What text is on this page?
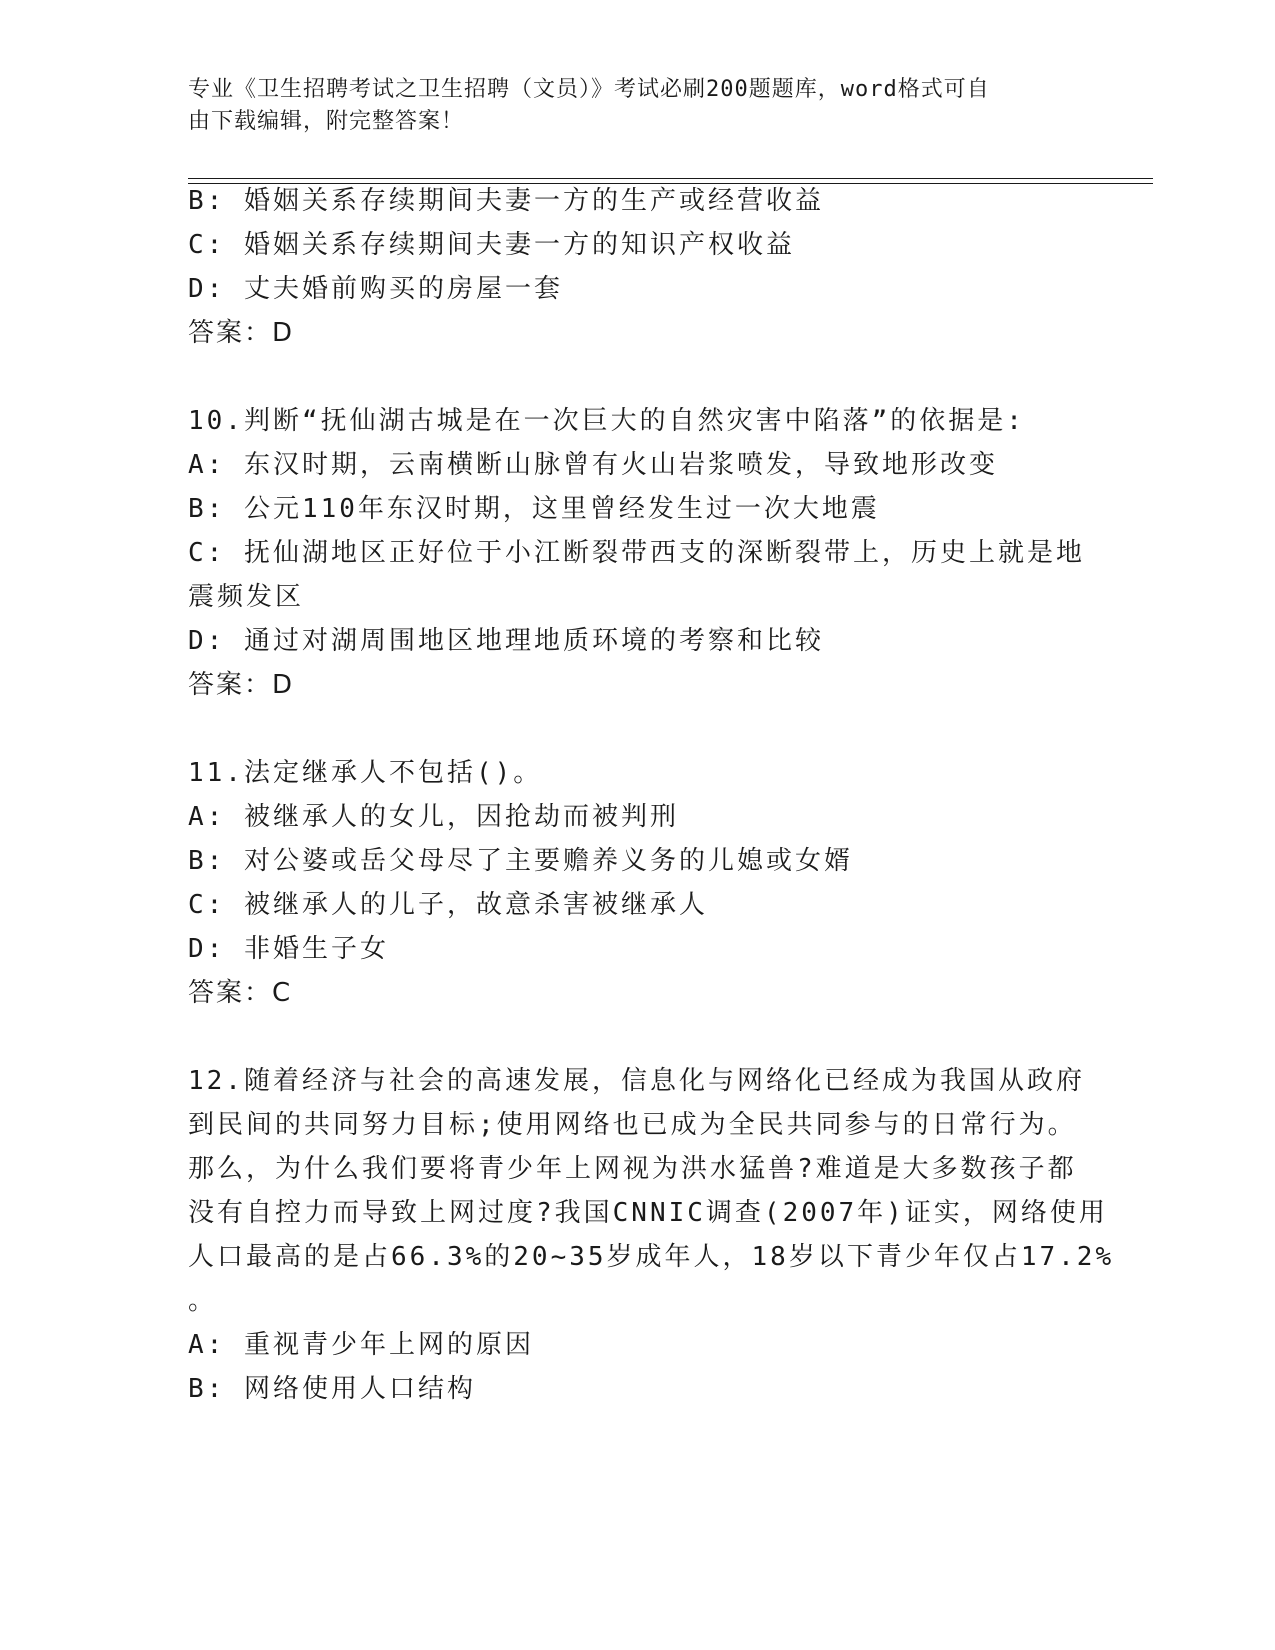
专业《卫生招聘考试之卫生招聘（文员）》考试必刷200题题库，word格式可自
由下载编辑，附完整答案！
B: 婚姻关系存续期间夫妻一方的生产或经营收益
C: 婚姻关系存续期间夫妻一方的知识产权收益
D: 丈夫婚前购买的房屋一套
答案：D
10.判断“抚仙湖古城是在一次巨大的自然灾害中陷落”的依据是:
A: 东汉时期，云南横断山脉曾有火山岩浆喷发，导致地形改变
B: 公元110年东汉时期，这里曾经发生过一次大地震
C: 抚仙湖地区正好位于小江断裂带西支的深断裂带上，历史上就是地
震频发区
D: 通过对湖周围地区地理地质环境的考察和比较
答案：D
11.法定继承人不包括()。
A: 被继承人的女儿，因抢劫而被判刑
B: 对公婆或岳父母尽了主要赡养义务的儿媳或女婿
C: 被继承人的儿子，故意杀害被继承人
D: 非婚生子女
答案：C
12.随着经济与社会的高速发展，信息化与网络化已经成为我国从政府
到民间的共同努力目标;使用网络也已成为全民共同参与的日常行为。
那么，为什么我们要将青少年上网视为洪水猛兽?难道是大多数孩子都
没有自控力而导致上网过度?我国CNNIC调查(2007年)证实，网络使用
人口最高的是占66.3%的20~35岁成年人，18岁以下青少年仅占17.2%
。
A: 重视青少年上网的原因
B: 网络使用人口结构
